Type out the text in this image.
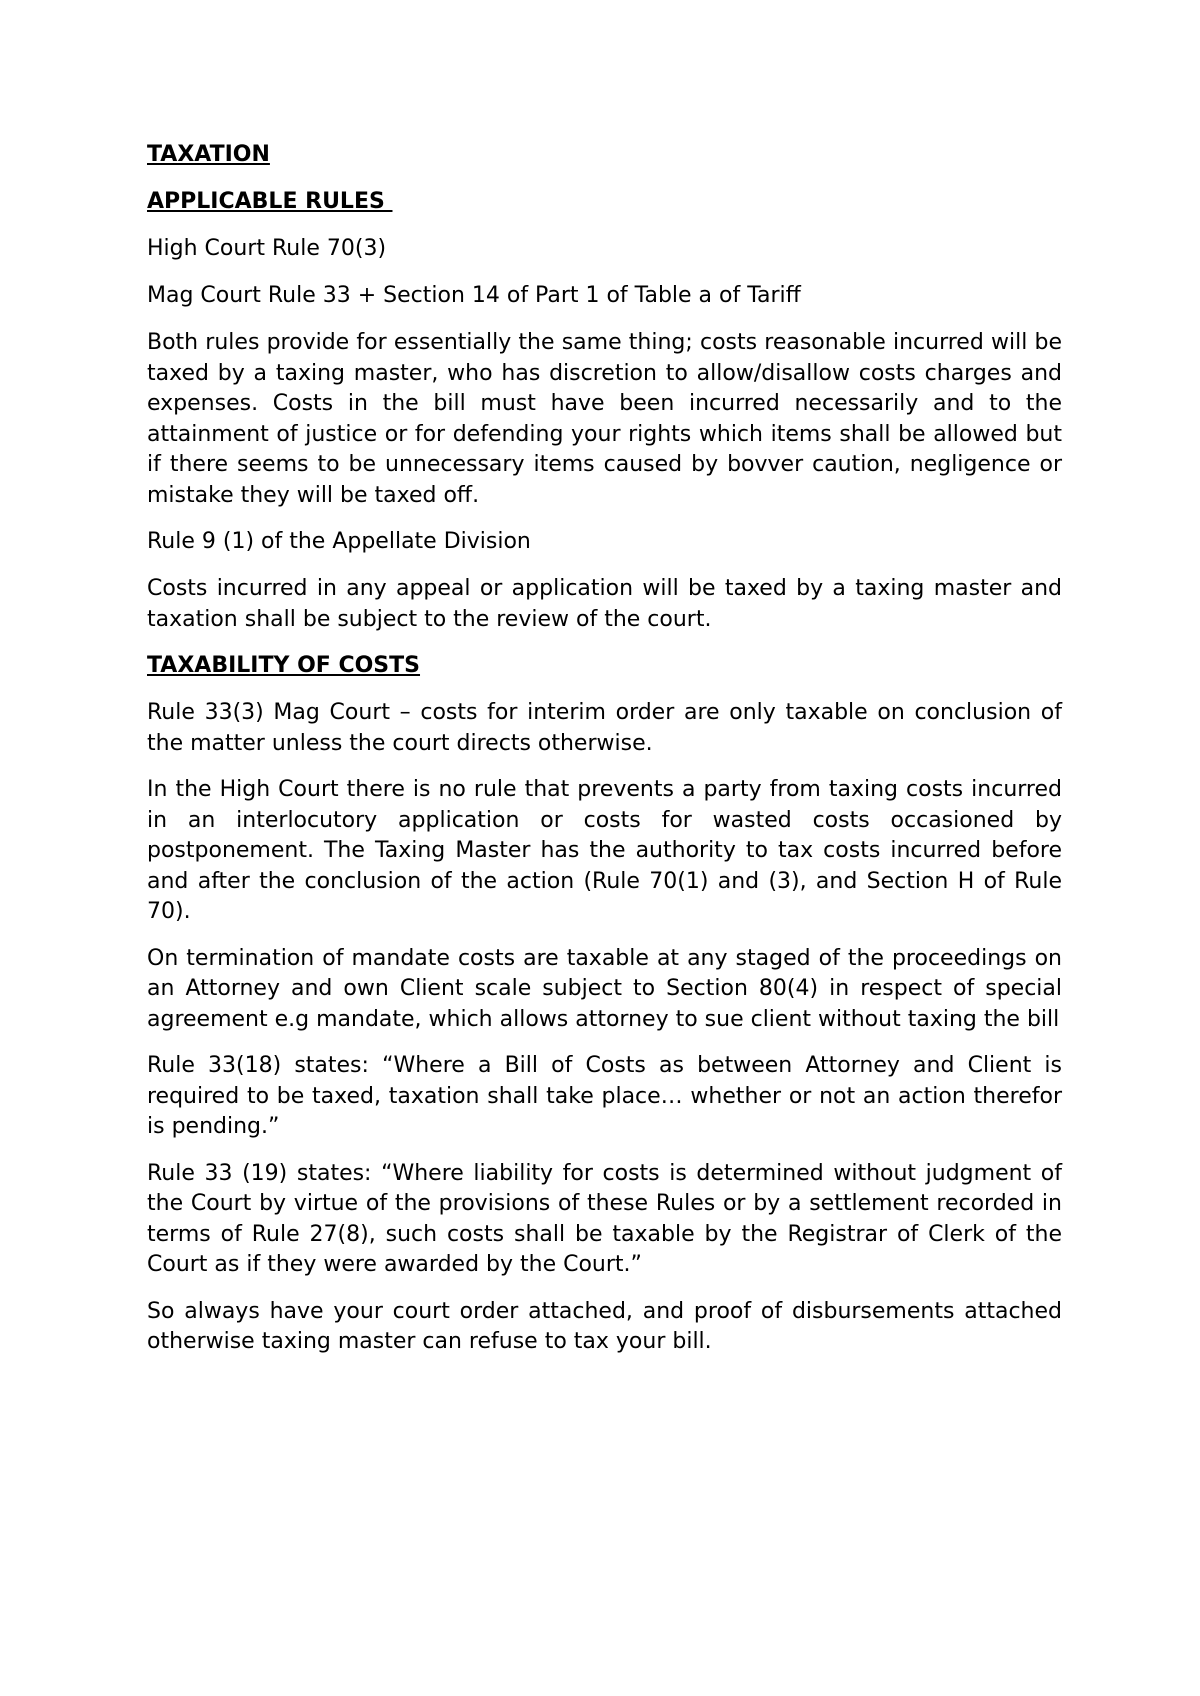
TAXATION
APPLICABLE RULES
High Court Rule 70(3)
Mag Court Rule 33 + Section 14 of Part 1 of Table a of Tariff
Both rules provide for essentially the same thing; costs reasonable incurred will be taxed by a taxing master, who has discretion to allow/disallow costs charges and expenses. Costs in the bill must have been incurred necessarily and to the attainment of justice or for defending your rights which items shall be allowed but if there seems to be unnecessary items caused by bovver caution, negligence or mistake they will be taxed off.
Rule 9 (1) of the Appellate Division
Costs incurred in any appeal or application will be taxed by a taxing master and taxation shall be subject to the review of the court.
TAXABILITY OF COSTS
Rule 33(3) Mag Court – costs for interim order are only taxable on conclusion of the matter unless the court directs otherwise.
In the High Court there is no rule that prevents a party from taxing costs incurred in an interlocutory application or costs for wasted costs occasioned by postponement. The Taxing Master has the authority to tax costs incurred before and after the conclusion of the action (Rule 70(1) and (3), and Section H of Rule 70).
On termination of mandate costs are taxable at any staged of the proceedings on an Attorney and own Client scale subject to Section 80(4) in respect of special agreement e.g mandate, which allows attorney to sue client without taxing the bill
Rule 33(18) states: “Where a Bill of Costs as between Attorney and Client is required to be taxed, taxation shall take place… whether or not an action therefor is pending.”
Rule 33 (19) states: “Where liability for costs is determined without judgment of the Court by virtue of the provisions of these Rules or by a settlement recorded in terms of Rule 27(8), such costs shall be taxable by the Registrar of Clerk of the Court as if they were awarded by the Court.”
So always have your court order attached, and proof of disbursements attached otherwise taxing master can refuse to tax your bill.
